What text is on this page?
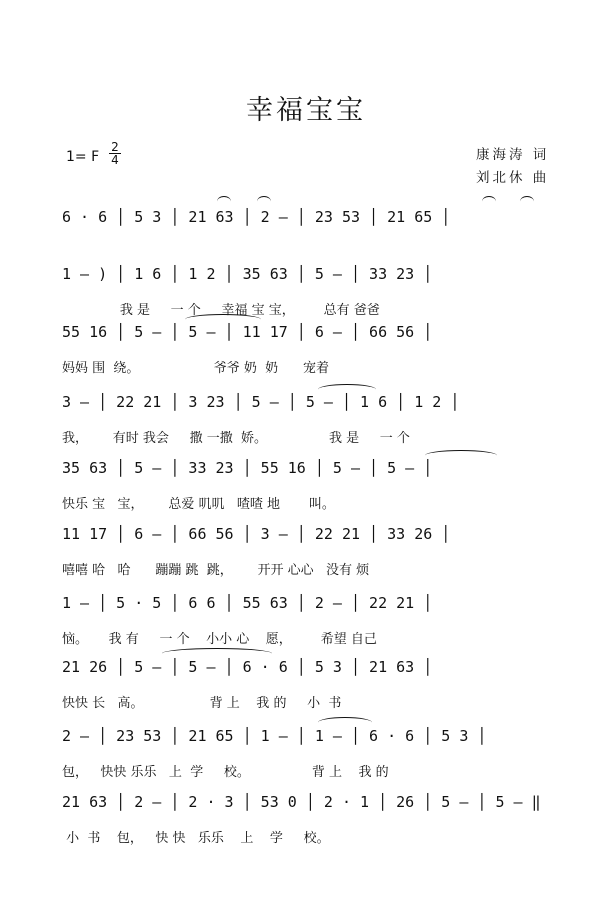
幸福宝宝
1= F
2
4	康海涛 词
刘北休 曲
6 · 6 │ 5 3 │ 21 63 │ 2 – │ 23 53 │ 21 65 │
1 – ) │ 1 6 │ 1 2 │ 35 63 │ 5 – │ 33 23 │
我 是     一 个     幸福 宝 宝，       总有 爸爸
55 16 │ 5 – │ 5 – │ 11 17 │ 6 – │ 66 56 │
妈妈 围  绕。                  爷爷 奶  奶      宠着
3 – │ 22 21 │ 3 23 │ 5 – │ 5 – │ 1 6 │ 1 2 │
我，      有时 我会     撒 一撒  娇。               我 是     一 个
35 63 │ 5 – │ 33 23 │ 55 16 │ 5 – │ 5 – │
快乐 宝   宝，      总爱 叽叽   喳喳 地       叫。
11 17 │ 6 – │ 66 56 │ 3 – │ 22 21 │ 33 26 │
嘻嘻 哈   哈      蹦蹦 跳  跳，      开开 心心   没有 烦
1 – │ 5 · 5 │ 6 6 │ 55 63 │ 2 – │ 22 21 │
恼。     我 有     一 个    小小 心    愿，       希望 自己
21 26 │ 5 – │ 5 – │ 6 · 6 │ 5 3 │ 21 63 │
快快 长   高。                背 上    我 的     小  书
2 – │ 23 53 │ 21 65 │ 1 – │ 1 – │ 6 · 6 │ 5 3 │
包，   快快 乐乐   上  学     校。               背 上    我 的
21 63 │ 2 – │ 2 · 3 │ 53 0 │ 2 · 1 │ 26 │ 5 – │ 5 – ‖
小  书    包，   快 快   乐乐    上    学     校。
